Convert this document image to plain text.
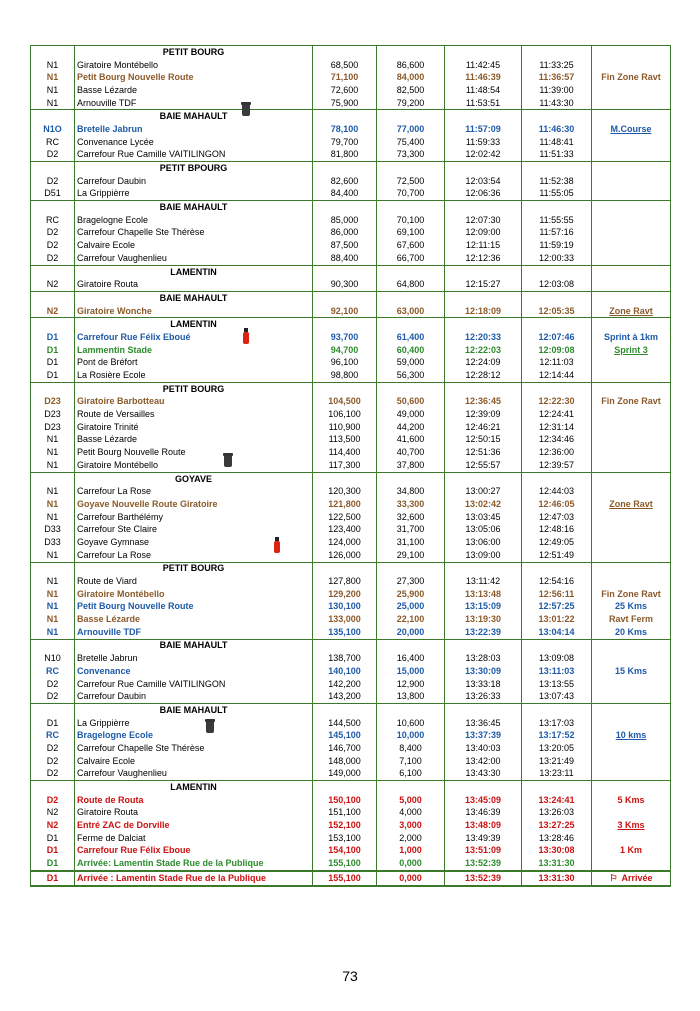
	PETIT BOURG					
N1	Giratoire Montébello	68,500	86,600	11:42:45	11:33:25	
N1	Petit Bourg Nouvelle Route	71,100	84,000	11:46:39	11:36:57	Fin Zone Ravt
N1	Basse Lézarde	72,600	82,500	11:48:54	11:39:00	
N1	Arnouville TDF	75,900	79,200	11:53:51	11:43:30	
	BAIE MAHAULT					
N1O	Bretelle Jabrun	78,100	77,000	11:57:09	11:46:30	M.Course
RC	Convenance Lycée	79,700	75,400	11:59:33	11:48:41	
D2	Carrefour Rue Camille VAITILINGON	81,800	73,300	12:02:42	11:51:33	
	PETIT BPOURG					
D2	Carrefour Daubin	82,600	72,500	12:03:54	11:52:38	
D51	La Grippièrre	84,400	70,700	12:06:36	11:55:05	
	BAIE MAHAULT					
RC	Bragelogne Ecole	85,000	70,100	12:07:30	11:55:55	
D2	Carrefour Chapelle Ste Thérèse	86,000	69,100	12:09:00	11:57:16	
D2	Calvaire Ecole	87,500	67,600	12:11:15	11:59:19	
D2	Carrefour Vaughenlieu	88,400	66,700	12:12:36	12:00:33	
	LAMENTIN					
N2	Giratoire Routa	90,300	64,800	12:15:27	12:03:08	
	BAIE MAHAULT					
N2	Giratoire Wonche	92,100	63,000	12:18:09	12:05:35	Zone Ravt
	LAMENTIN					
D1	Carrefour Rue Félix Eboué	93,700	61,400	12:20:33	12:07:46	Sprint à 1km
D1	Lammentin Stade	94,700	60,400	12:22:03	12:09:08	Sprint 3
D1	Pont de Bréfort	96,100	59,000	12:24:09	12:11:03	
D1	La Rosière Ecole	98,800	56,300	12:28:12	12:14:44	
	PETIT BOURG					
D23	Giratoire Barbotteau	104,500	50,600	12:36:45	12:22:30	Fin Zone Ravt
D23	Route de Versailles	106,100	49,000	12:39:09	12:24:41	
D23	Giratoire Trinité	110,900	44,200	12:46:21	12:31:14	
N1	Basse Lézarde	113,500	41,600	12:50:15	12:34:46	
N1	Petit Bourg Nouvelle Route	114,400	40,700	12:51:36	12:36:00	
N1	Giratoire Montébello	117,300	37,800	12:55:57	12:39:57	
	GOYAVE					
N1	Carrefour La Rose	120,300	34,800	13:00:27	12:44:03	
N1	Goyave Nouvelle Route Giratoire	121,800	33,300	13:02:42	12:46:05	Zone Ravt
N1	Carrefour Barthélémy	122,500	32,600	13:03:45	12:47:03	
D33	Carrefour Ste Claire	123,400	31,700	13:05:06	12:48:16	
D33	Goyave Gymnase	124,000	31,100	13:06:00	12:49:05	
N1	Carrefour La Rose	126,000	29,100	13:09:00	12:51:49	
	PETIT BOURG					
N1	Route de Viard	127,800	27,300	13:11:42	12:54:16	
N1	Giratoire Montébello	129,200	25,900	13:13:48	12:56:11	Fin Zone Ravt
N1	Petit Bourg Nouvelle Route	130,100	25,000	13:15:09	12:57:25	25 Kms
N1	Basse Lézarde	133,000	22,100	13:19:30	13:01:22	Ravt Ferm
N1	Arnouville TDF	135,100	20,000	13:22:39	13:04:14	20 Kms
	BAIE MAHAULT					
N10	Bretelle Jabrun	138,700	16,400	13:28:03	13:09:08	
RC	Convenance	140,100	15,000	13:30:09	13:11:03	15 Kms
D2	Carrefour Rue Camille VAITILINGON	142,200	12,900	13:33:18	13:13:55	
D2	Carrefour Daubin	143,200	13,800	13:26:33	13:07:43	
	BAIE MAHAULT					
D1	La Grippièrre	144,500	10,600	13:36:45	13:17:03	
RC	Bragelogne Ecole	145,100	10,000	13:37:39	13:17:52	10 kms
D2	Carrefour Chapelle Ste Thérèse	146,700	8,400	13:40:03	13:20:05	
D2	Calvaire Ecole	148,000	7,100	13:42:00	13:21:49	
D2	Carrefour Vaughenlieu	149,000	6,100	13:43:30	13:23:11	
	LAMENTIN					
D2	Route de Routa	150,100	5,000	13:45:09	13:24:41	5 Kms
N2	Giratoire Routa	151,100	4,000	13:46:39	13:26:03	
N2	Entré ZAC de Dorville	152,100	3,000	13:48:09	13:27:25	3 Kms
D1	Ferme de Dalciat	153,100	2,000	13:49:39	13:28:46	
D1	Carrefour Rue Félix Eboue	154,100	1,000	13:51:09	13:30:08	1 Km
D1	Arrivée: Lamentin Stade Rue de la Publique	155,100	0,000	13:52:39	13:31:30	
D1	Arrivée : Lamentin Stade Rue de la Publique	155,100	0,000	13:52:39	13:31:30	⚐ Arrivée
73
